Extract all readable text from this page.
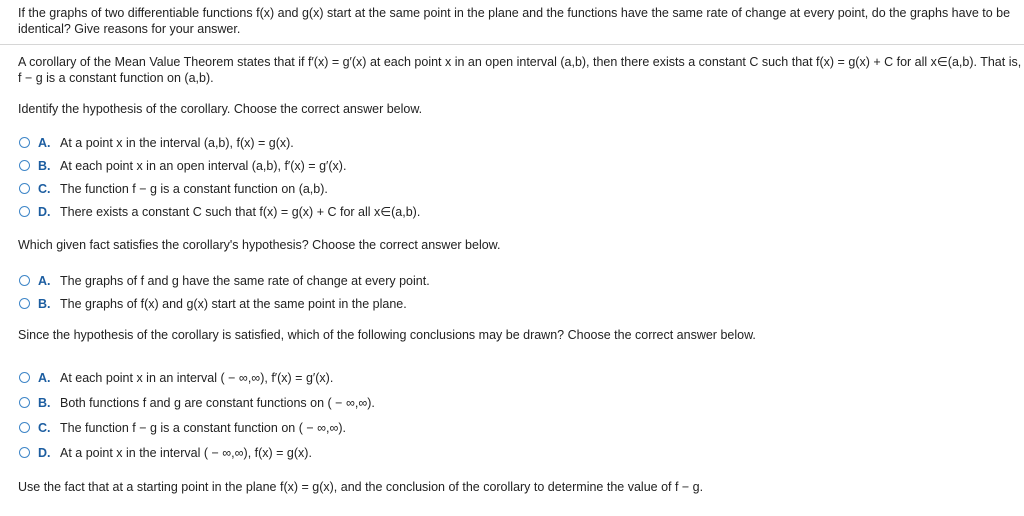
If the graphs of two differentiable functions f(x) and g(x) start at the same point in the plane and the functions have the same rate of change at every point, do the graphs have to be identical? Give reasons for your answer.

A corollary of the Mean Value Theorem states that if f′(x) = g′(x) at each point x in an open interval (a,b), then there exists a constant C such that f(x) = g(x) + C for all x∈(a,b). That is, f − g is a constant function on (a,b).

Identify the hypothesis of the corollary. Choose the correct answer below.

A. At a point x in the interval (a,b), f(x) = g(x).
B. At each point x in an open interval (a,b), f′(x) = g′(x).
C. The function f − g is a constant function on (a,b).
D. There exists a constant C such that f(x) = g(x) + C for all x∈(a,b).

Which given fact satisfies the corollary's hypothesis? Choose the correct answer below.

A. The graphs of f and g have the same rate of change at every point.
B. The graphs of f(x) and g(x) start at the same point in the plane.

Since the hypothesis of the corollary is satisfied, which of the following conclusions may be drawn? Choose the correct answer below.

A. At each point x in an interval ( − ∞,∞), f′(x) = g′(x).
B. Both functions f and g are constant functions on ( − ∞,∞).
C. The function f − g is a constant function on ( − ∞,∞).
D. At a point x in the interval ( − ∞,∞), f(x) = g(x).

Use the fact that at a starting point in the plane f(x) = g(x), and the conclusion of the corollary to determine the value of f − g.
